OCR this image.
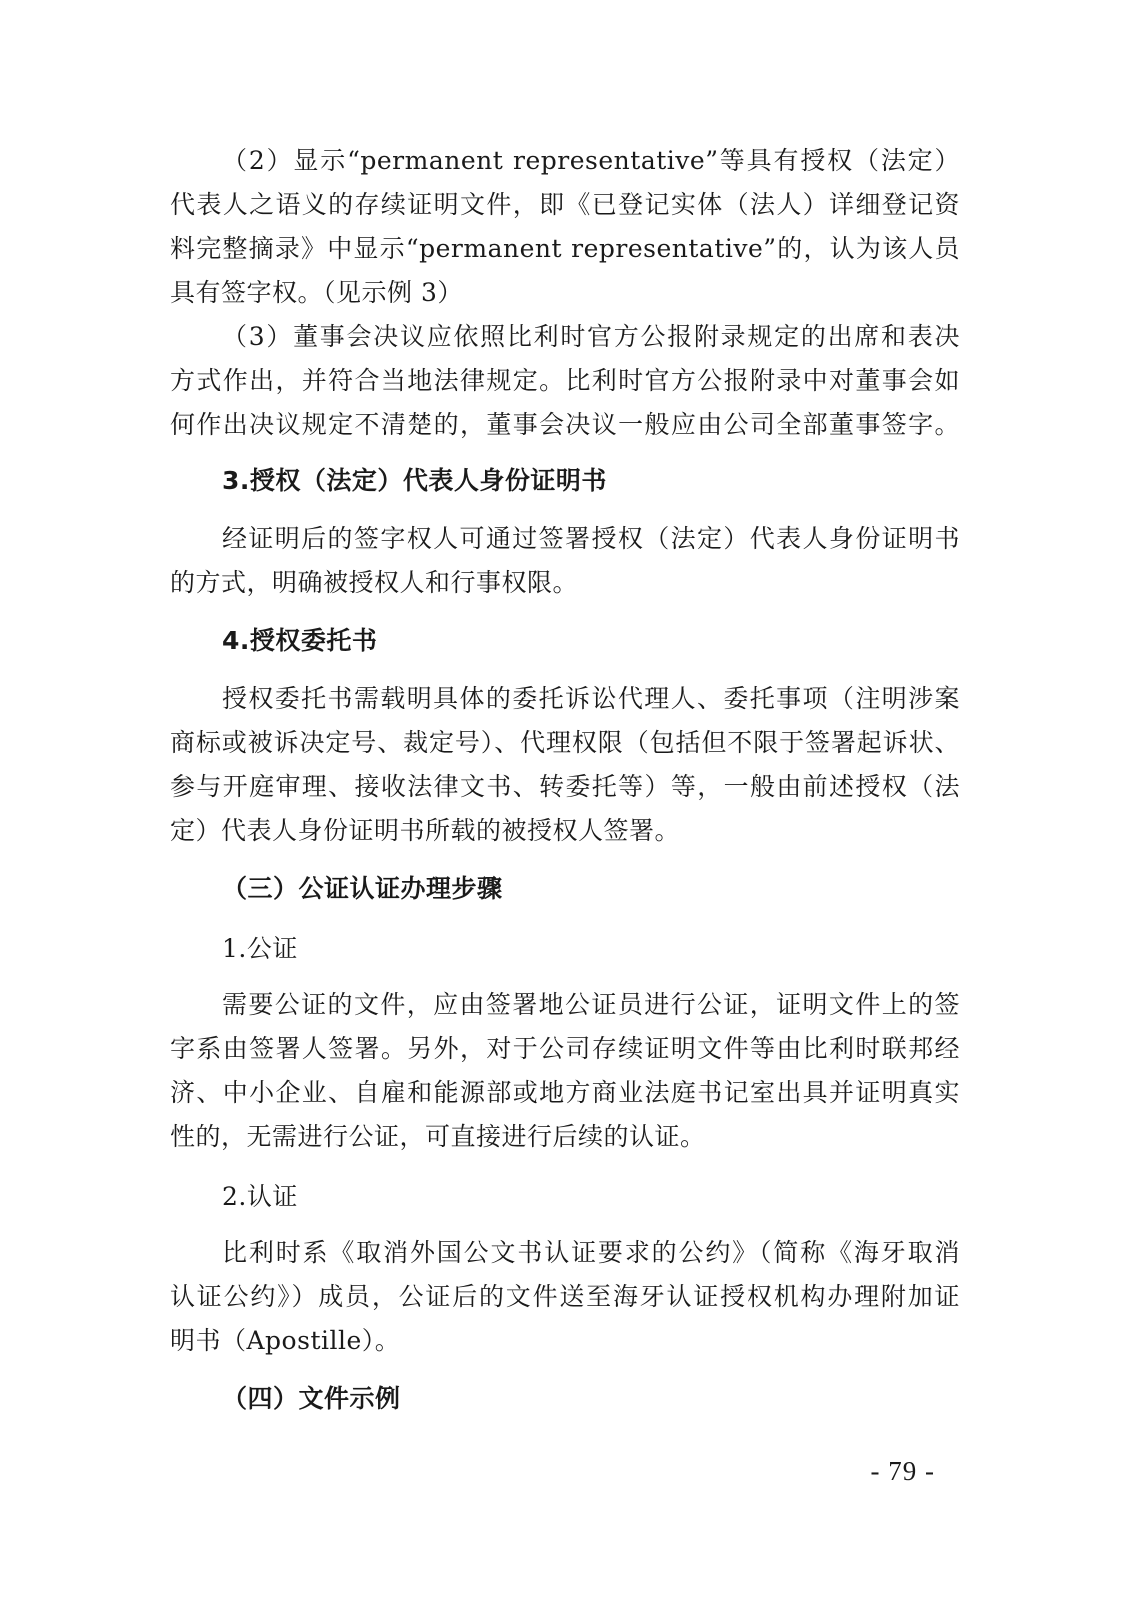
（2）显示“permanent representative”等具有授权（法定）
代表人之语义的存续证明文件，即《已登记实体（法人）详细登记资
料完整摘录》中显示“permanent representative”的，认为该人员
具有签字权。（见示例 3）
（3）董事会决议应依照比利时官方公报附录规定的出席和表决
方式作出，并符合当地法律规定。比利时官方公报附录中对董事会如
何作出决议规定不清楚的，董事会决议一般应由公司全部董事签字。
3.授权（法定）代表人身份证明书
经证明后的签字权人可通过签署授权（法定）代表人身份证明书
的方式，明确被授权人和行事权限。
4.授权委托书
授权委托书需载明具体的委托诉讼代理人、委托事项（注明涉案
商标或被诉决定号、裁定号）、代理权限（包括但不限于签署起诉状、
参与开庭审理、接收法律文书、转委托等）等，一般由前述授权（法
定）代表人身份证明书所载的被授权人签署。
（三）公证认证办理步骤
1.公证
需要公证的文件，应由签署地公证员进行公证，证明文件上的签
字系由签署人签署。另外，对于公司存续证明文件等由比利时联邦经
济、中小企业、自雇和能源部或地方商业法庭书记室出具并证明真实
性的，无需进行公证，可直接进行后续的认证。
2.认证
比利时系《取消外国公文书认证要求的公约》（简称《海牙取消
认证公约》）成员，公证后的文件送至海牙认证授权机构办理附加证
明书（Apostille）。
（四）文件示例
- 79 -
